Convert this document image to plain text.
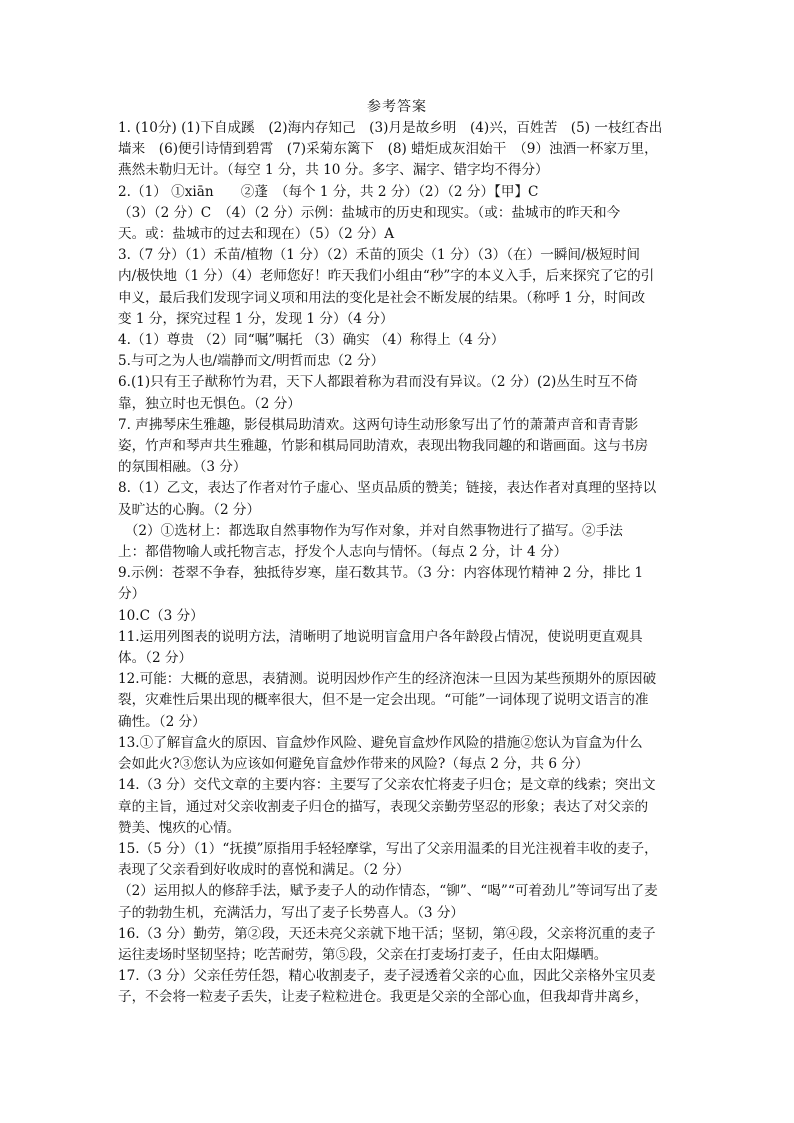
参考答案
1. (10分) (1)下自成蹊　(2)海内存知己　(3)月是故乡明　(4)兴，百姓苦　(5) 一枝红杏出
墙来　(6)便引诗情到碧霄　(7)采菊东篱下　(8) 蜡炬成灰泪始干　（9）浊酒一杯家万里，
燕然未勒归无计。（每空 1 分，共 10 分。多字、漏字、错字均不得分）
2.（1） ①xiān　　②蓬　（每个 1 分，共 2 分）（2）（2 分）【甲】C
（3）（2 分）C　（4）（2 分）示例：盐城市的历史和现实。（或：盐城市的昨天和今
天。或：盐城市的过去和现在）（5）（2 分）A
3.（7 分）（1）禾苗/植物（1 分）（2）禾苗的顶尖（1 分）（3）（在）一瞬间/极短时间
内/极快地（1 分）（4）老师您好！昨天我们小组由“秒”字的本义入手，后来探究了它的引
申义，最后我们发现字词义项和用法的变化是社会不断发展的结果。（称呼 1 分，时间改
变 1 分，探究过程 1 分，发现 1 分）（4 分）
4.（1）尊贵 （2）同“嘱”嘱托 （3）确实 （4）称得上（4 分）
5.与可之为人也/端静而文/明哲而忠（2 分）
6.(1)只有王子猷称竹为君，天下人都跟着称为君而没有异议。（2 分）(2)丛生时互不倚
靠，独立时也无惧色。（2 分）
7. 声拂琴床生雅趣，影侵棋局助清欢。这两句诗生动形象写出了竹的萧萧声音和青青影
姿，竹声和琴声共生雅趣，竹影和棋局同助清欢，表现出物我同趣的和谐画面。这与书房
的氛围相融。（3 分）
8.（1）乙文，表达了作者对竹子虚心、坚贞品质的赞美；链接，表达作者对真理的坚持以
及旷达的心胸。（2 分）
　（2）①选材上：都选取自然事物作为写作对象，并对自然事物进行了描写。②手法
上：都借物喻人或托物言志，抒发个人志向与情怀。（每点 2 分，计 4 分）
9.示例：苍翠不争春，独抵待岁寒，崖石数其节。（3 分：内容体现竹精神 2 分，排比 1
分）
10.C（3 分）
11.运用列图表的说明方法，清晰明了地说明盲盒用户各年龄段占情况，使说明更直观具
体。（2 分）
12.可能：大概的意思，表猜测。说明因炒作产生的经济泡沫一旦因为某些预期外的原因破
裂，灾难性后果出现的概率很大，但不是一定会出现。“可能”一词体现了说明文语言的准
确性。（2 分）
13.①了解盲盒火的原因、盲盒炒作风险、避免盲盒炒作风险的措施②您认为盲盒为什么
会如此火?③您认为应该如何避免盲盒炒作带来的风险?（每点 2 分，共 6 分）
14.（3 分）交代文章的主要内容：主要写了父亲农忙将麦子归仓；是文章的线索；突出文
章的主旨，通过对父亲收割麦子归仓的描写，表现父亲勤劳坚忍的形象；表达了对父亲的
赞美、愧疚的心情。
15.（5 分）（1）“抚摸”原指用手轻轻摩挲，写出了父亲用温柔的目光注视着丰收的麦子，
表现了父亲看到好收成时的喜悦和满足。（2 分）
（2）运用拟人的修辞手法，赋予麦子人的动作情态，“铆”、“喝”“可着劲儿”等词写出了麦
子的勃勃生机，充满活力，写出了麦子长势喜人。（3 分）
16.（3 分）勤劳，第②段，天还未亮父亲就下地干活；坚韧，第④段，父亲将沉重的麦子
运往麦场时坚韧坚持；吃苦耐劳，第⑤段，父亲在打麦场打麦子，任由太阳爆晒。
17.（3 分）父亲任劳任怨，精心收割麦子，麦子浸透着父亲的心血，因此父亲格外宝贝麦
子，不会将一粒麦子丢失，让麦子粒粒进仓。我更是父亲的全部心血，但我却背井离乡，
